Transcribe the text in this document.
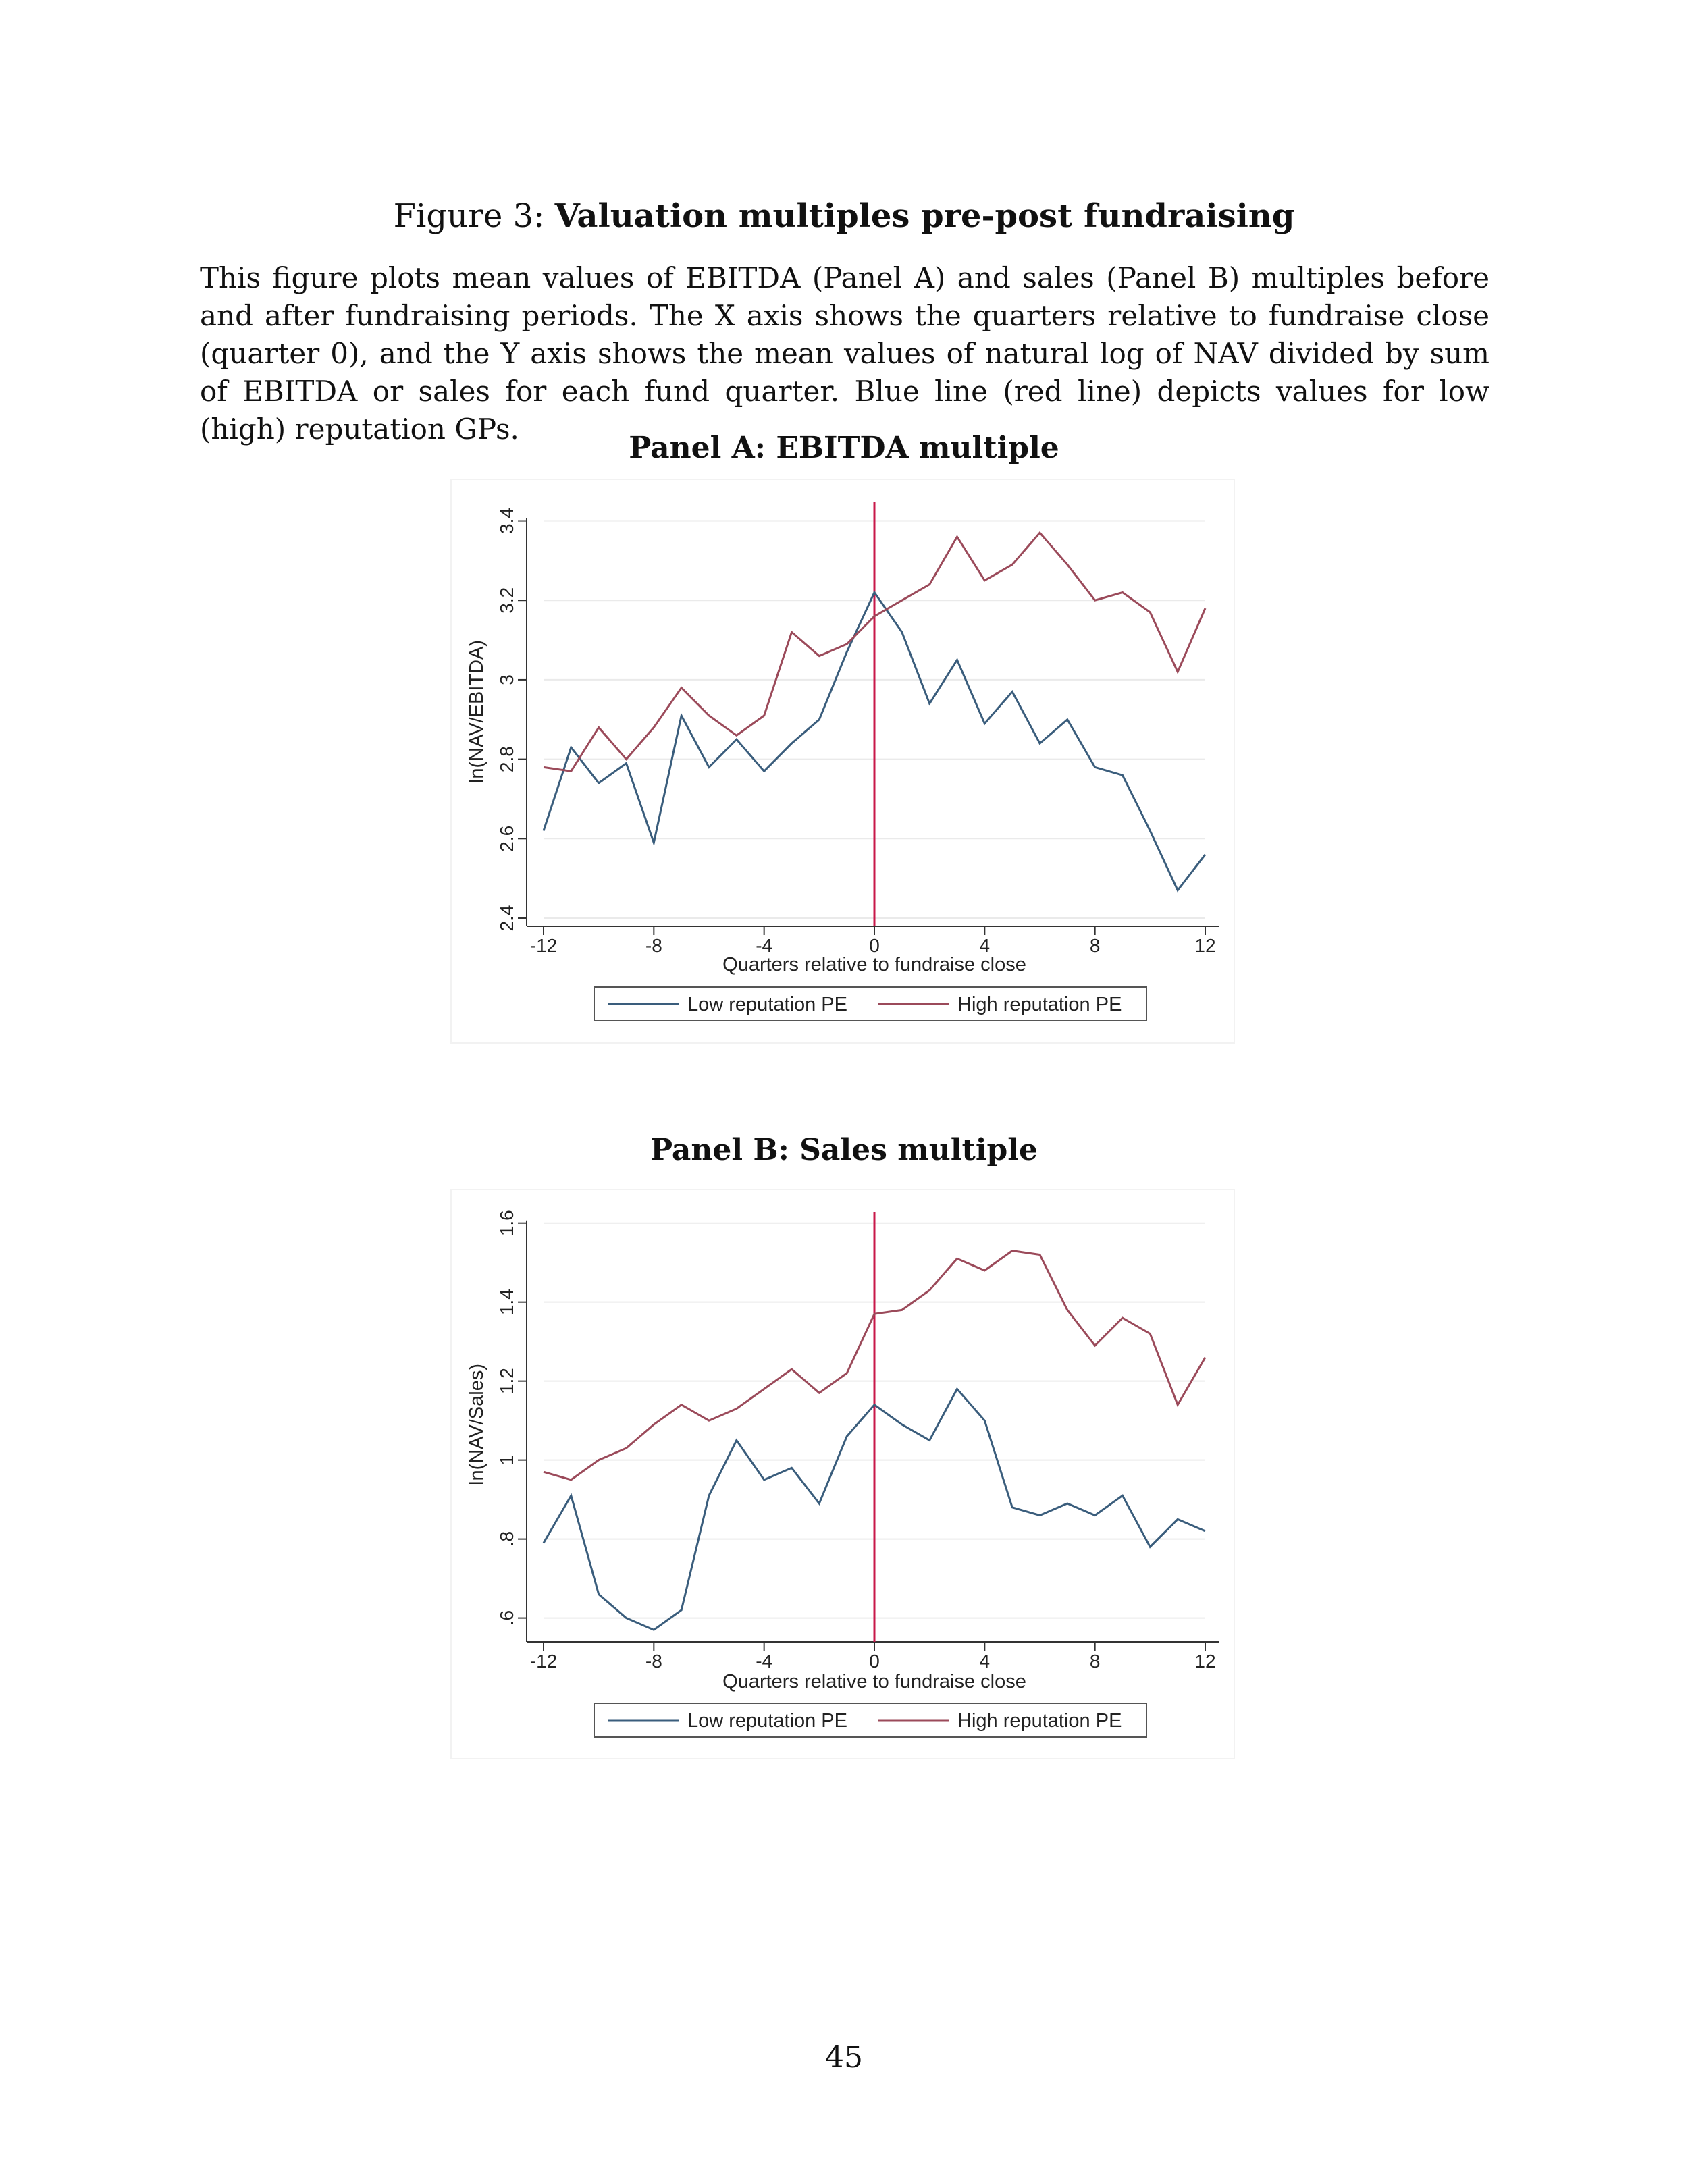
Figure 3: Valuation multiples pre-post fundraising
This figure plots mean values of EBITDA (Panel A) and sales (Panel B) multiples before and after fundraising periods. The X axis shows the quarters relative to fundraise close (quarter 0), and the Y axis shows the mean values of natural log of NAV divided by sum of EBITDA or sales for each fund quarter. Blue line (red line) depicts values for low (high) reputation GPs.
Panel A: EBITDA multiple
2.4
2.6
2.8
3
3.2
3.4
-12	-8	-4	0	4	8	12
Quarters relative to fundraise close
ln(NAV/EBITDA)
Low reputation PE	High reputation PE
Panel B: Sales multiple
.6
.8
1
1.2
1.4
1.6
-12	-8	-4	0	4	8	12
Quarters relative to fundraise close
ln(NAV/Sales)
Low reputation PE	High reputation PE
45
